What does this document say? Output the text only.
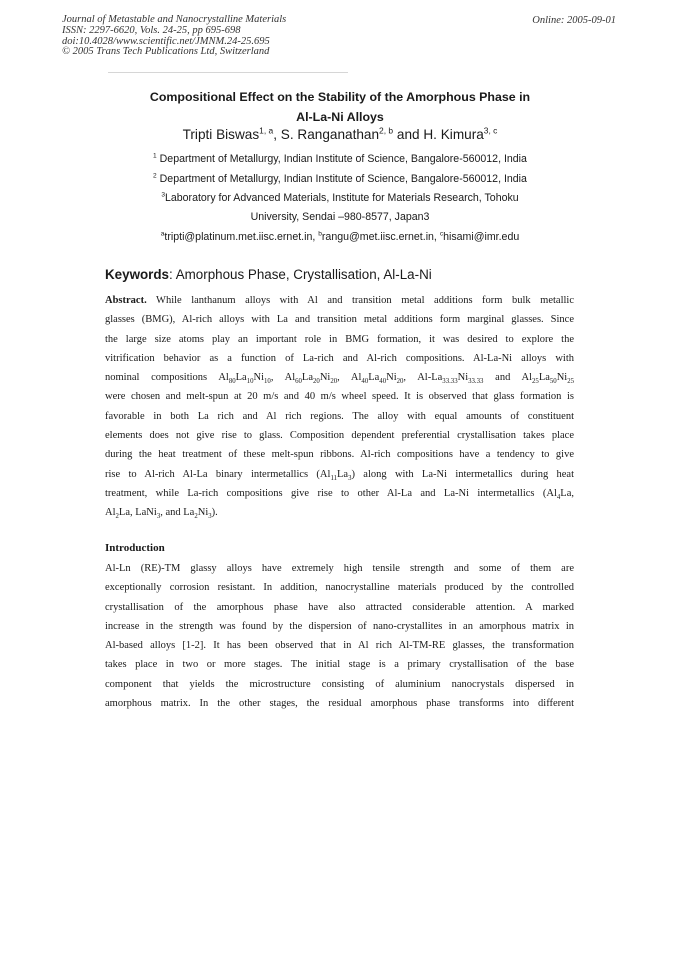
Journal of Metastable and Nanocrystalline Materials
ISSN: 2297-6620, Vols. 24-25, pp 695-698
doi:10.4028/www.scientific.net/JMNM.24-25.695
© 2005 Trans Tech Publications Ltd, Switzerland
Online: 2005-09-01
Compositional Effect on the Stability of the Amorphous Phase in
Al-La-Ni Alloys
Tripti Biswas$^{1, a}$, S. Ranganathan$^{2, b}$ and H. Kimura$^{3, c}$
$^1$ Department of Metallurgy, Indian Institute of Science, Bangalore-560012, India
$^2$ Department of Metallurgy, Indian Institute of Science, Bangalore-560012, India
$^3$Laboratory for Advanced Materials, Institute for Materials Research, Tohoku
University, Sendai –980-8577, Japan3
$^a$tripti@platinum.met.iisc.ernet.in, $^b$rangu@met.iisc.ernet.in, $^c$hisami@imr.edu
Keywords: Amorphous Phase, Crystallisation, Al-La-Ni
Abstract. While lanthanum alloys with Al and transition metal additions form bulk metallic
glasses (BMG), Al-rich alloys with La and transition metal additions form marginal glasses. Since
the large size atoms play an important role in BMG formation, it was desired to explore the
vitrification behavior as a function of La-rich and Al-rich compositions. Al-La-Ni alloys with
nominal compositions $Al_{80}La_{10}Ni_{10}$, $Al_{60}La_{20}Ni_{20}$, $Al_{40}La_{40}Ni_{20}$, $Al-La_{33.33}Ni_{33.33}$ and $Al_{25}La_{50}Ni_{25}$
were chosen and melt-spun at 20 m/s and 40 m/s wheel speed. It is observed that glass formation is
favorable in both La rich and Al rich regions. The alloy with equal amounts of constituent
elements does not give rise to glass. Composition dependent preferential crystallisation takes place
during the heat treatment of these melt-spun ribbons. Al-rich compositions have a tendency to give
rise to Al-rich Al-La binary intermetallics $(Al_{11}La_3)$ along with La-Ni intermetallics during heat
treatment, while La-rich compositions give rise to other Al-La and La-Ni intermetallics ($Al_4La$,
$Al_2La$, LaNi$_3$, and $La_2Ni_3$).
Introduction
Al-Ln (RE)-TM glassy alloys have extremely high tensile strength and some of them are
exceptionally corrosion resistant. In addition, nanocrystalline materials produced by the controlled
crystallisation of the amorphous phase have also attracted considerable attention. A marked
increase in the strength was found by the dispersion of nano-crystallites in an amorphous matrix in
Al-based alloys [1-2]. It has been observed that in Al rich Al-TM-RE glasses, the transformation
takes place in two or more stages. The initial stage is a primary crystallisation of the base
component that yields the microstructure consisting of aluminium nanocrystals dispersed in
amorphous matrix. In the other stages, the residual amorphous phase transforms into different
